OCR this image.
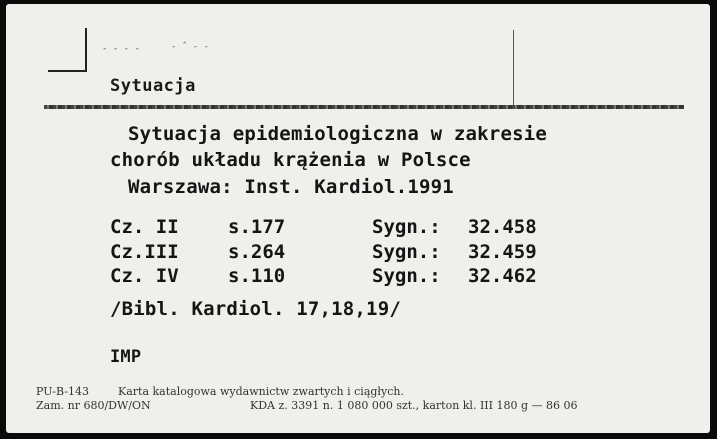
‐ ‐ ‐ ‐	‐ ˆ ‐ ‐
Sytuacja
Sytuacja epidemiologiczna w zakresie
chorób układu krążenia w Polsce
Warszawa: Inst. Kardiol.1991
Cz. II	s.177	Sygn.: 32.458
Cz.III	s.264	Sygn.: 32.459
Cz. IV	s.110	Sygn.: 32.462
/Bibl. Kardiol. 17,18,19/
IMP
PU-B-143	Karta katalogowa wydawnictw zwartych i ciągłych.
Zam. nr 680/DW/ON	KDA z. 3391 n. 1 080 000 szt., karton kl. III 180 g — 86 06
